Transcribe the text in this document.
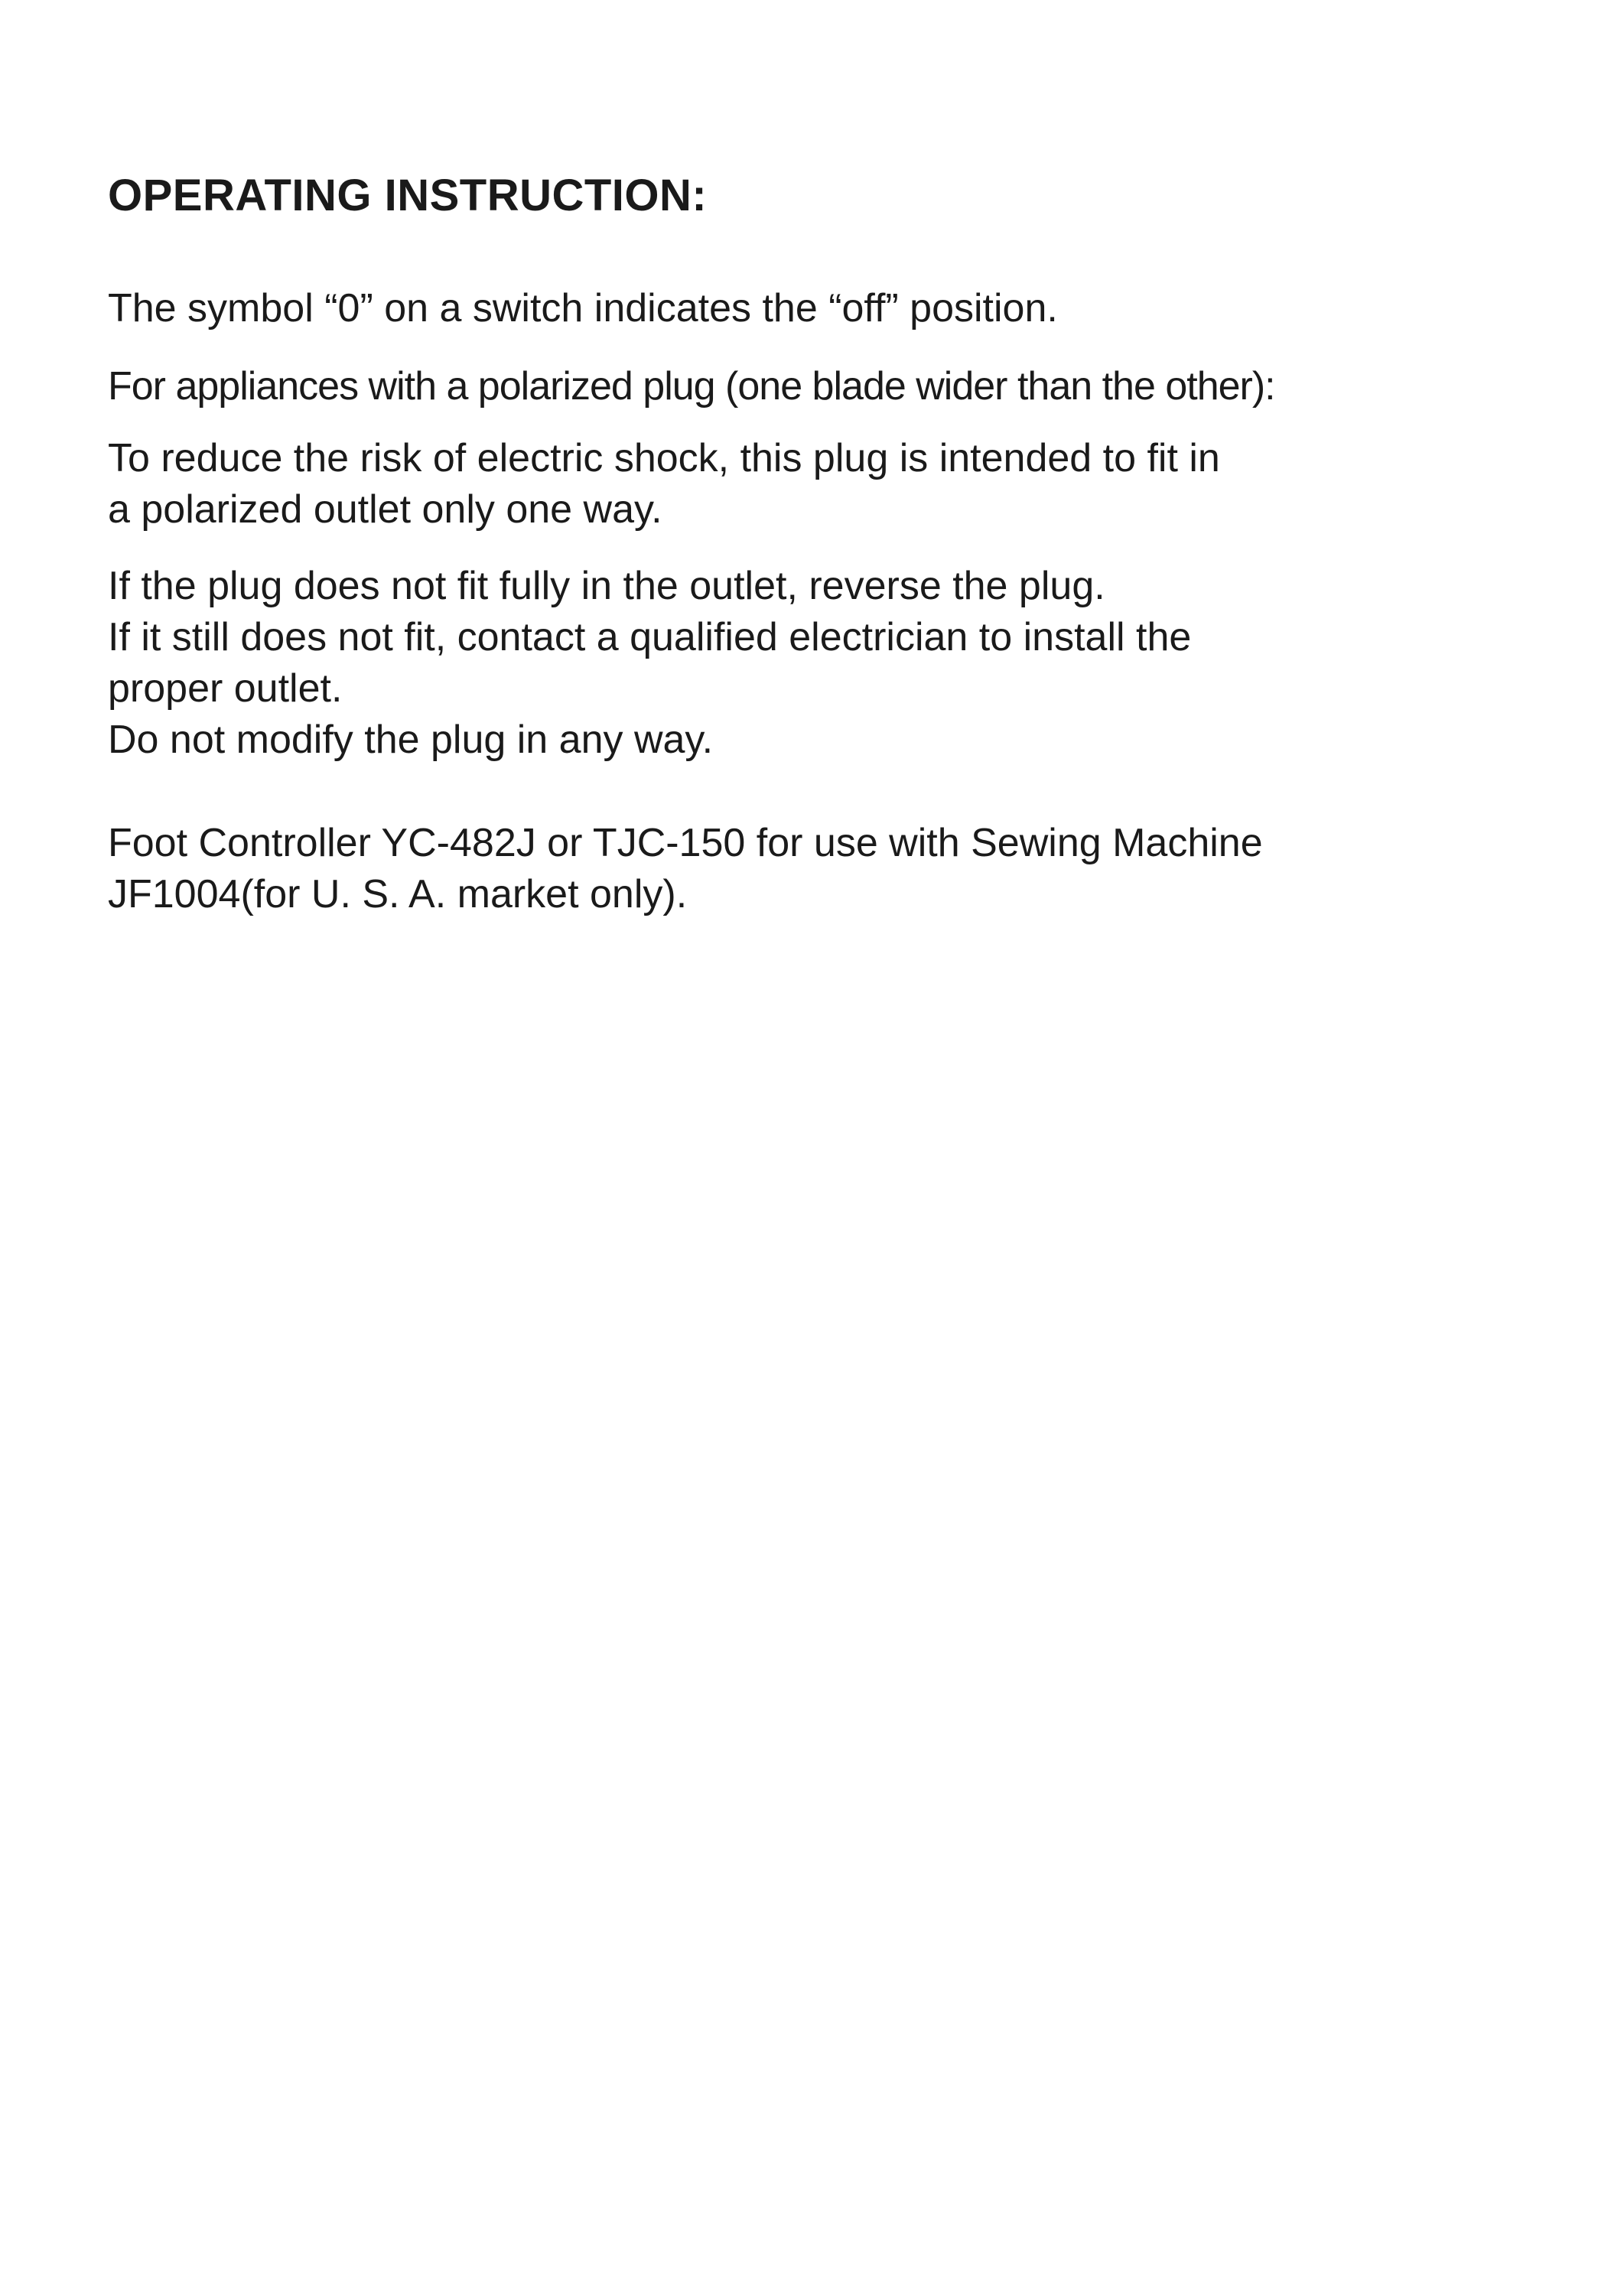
OPERATING INSTRUCTION:
The symbol “0” on a switch indicates the “off” position.
For appliances with a polarized plug (one blade wider than the other):
To reduce the risk of electric shock, this plug is intended to fit in
a polarized outlet only one way.
If the plug does not fit fully in the outlet, reverse the plug.
If it still does not fit, contact a qualified electrician to install the
proper outlet.
Do not modify the plug in any way.
Foot Controller YC-482J or TJC-150 for use with Sewing Machine
JF1004(for U. S. A. market only).
